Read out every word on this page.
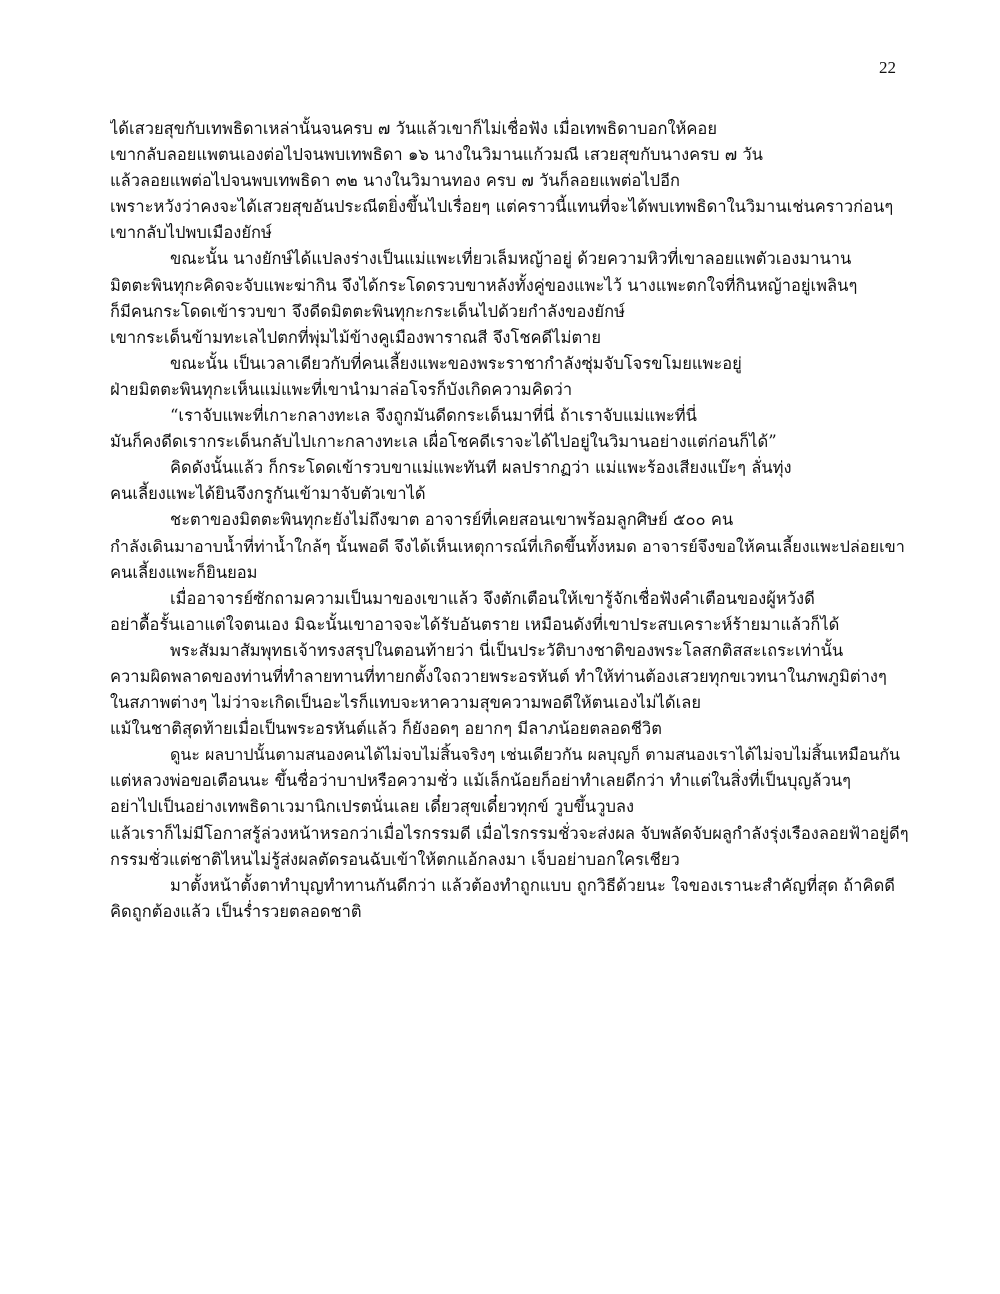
22
ได้เสวยสุขกับเทพธิดาเหล่านั้นจนครบ ๗ วันแล้วเขาก็ไม่เชื่อฟัง เมื่อเทพธิดาบอกให้คอย
เขากลับลอยแพตนเองต่อไปจนพบเทพธิดา ๑๖ นางในวิมานแก้วมณี เสวยสุขกับนางครบ ๗ วัน
แล้วลอยแพต่อไปจนพบเทพธิดา ๓๒ นางในวิมานทอง ครบ ๗ วันก็ลอยแพต่อไปอีก
เพราะหวังว่าคงจะได้เสวยสุขอันประณีตยิ่งขึ้นไปเรื่อยๆ แต่คราวนี้แทนที่จะได้พบเทพธิดาในวิมานเช่นคราวก่อนๆ
เขากลับไปพบเมืองยักษ์
ขณะนั้น นางยักษ์ได้แปลงร่างเป็นแม่แพะเที่ยวเล็มหญ้าอยู่ ด้วยความหิวที่เขาลอยแพตัวเองมานาน
มิตตะพินทุกะคิดจะจับแพะฆ่ากิน จึงได้กระโดดรวบขาหลังทั้งคู่ของแพะไว้ นางแพะตกใจที่กินหญ้าอยู่เพลินๆ
ก็มีคนกระโดดเข้ารวบขา จึงดีดมิตตะพินทุกะกระเด็นไปด้วยกำลังของยักษ์
เขากระเด็นข้ามทะเลไปตกที่พุ่มไม้ข้างคูเมืองพาราณสี จึงโชคดีไม่ตาย
ขณะนั้น เป็นเวลาเดียวกับที่คนเลี้ยงแพะของพระราชากำลังซุ่มจับโจรขโมยแพะอยู่
ฝ่ายมิตตะพินทุกะเห็นแม่แพะที่เขานำมาล่อโจรก็บังเกิดความคิดว่า
“เราจับแพะที่เกาะกลางทะเล จึงถูกมันดีดกระเด็นมาที่นี่ ถ้าเราจับแม่แพะที่นี่
มันก็คงดีดเรากระเด็นกลับไปเกาะกลางทะเล เผื่อโชคดีเราจะได้ไปอยู่ในวิมานอย่างแต่ก่อนก็ได้”
คิดดังนั้นแล้ว ก็กระโดดเข้ารวบขาแม่แพะทันที ผลปรากฏว่า แม่แพะร้องเสียงแบ๊ะๆ ลั่นทุ่ง
คนเลี้ยงแพะได้ยินจึงกรูกันเข้ามาจับตัวเขาได้
ชะตาของมิตตะพินทุกะยังไม่ถึงฆาต อาจารย์ที่เคยสอนเขาพร้อมลูกศิษย์ ๕๐๐ คน
กำลังเดินมาอาบน้ำที่ท่าน้ำใกล้ๆ นั้นพอดี จึงได้เห็นเหตุการณ์ที่เกิดขึ้นทั้งหมด อาจารย์จึงขอให้คนเลี้ยงแพะปล่อยเขา
คนเลี้ยงแพะก็ยินยอม
เมื่ออาจารย์ซักถามความเป็นมาของเขาแล้ว จึงตักเตือนให้เขารู้จักเชื่อฟังคำเตือนของผู้หวังดี
อย่าดื้อรั้นเอาแต่ใจตนเอง มิฉะนั้นเขาอาจจะได้รับอันตราย เหมือนดังที่เขาประสบเคราะห์ร้ายมาแล้วก็ได้
พระสัมมาสัมพุทธเจ้าทรงสรุปในตอนท้ายว่า นี่เป็นประวัติบางชาติของพระโลสกติสสะเถระเท่านั้น
ความผิดพลาดของท่านที่ทำลายทานที่ทายกตั้งใจถวายพระอรหันต์ ทำให้ท่านต้องเสวยทุกขเวทนาในภพภูมิต่างๆ
ในสภาพต่างๆ ไม่ว่าจะเกิดเป็นอะไรก็แทบจะหาความสุขความพอดีให้ตนเองไม่ได้เลย
แม้ในชาติสุดท้ายเมื่อเป็นพระอรหันต์แล้ว ก็ยังอดๆ อยากๆ มีลาภน้อยตลอดชีวิต
ดูนะ ผลบาปนั้นตามสนองคนได้ไม่จบไม่สิ้นจริงๆ เช่นเดียวกัน ผลบุญก็ ตามสนองเราได้ไม่จบไม่สิ้นเหมือนกัน
แต่หลวงพ่อขอเตือนนะ ขึ้นชื่อว่าบาปหรือความชั่ว แม้เล็กน้อยก็อย่าทำเลยดีกว่า ทำแต่ในสิ่งที่เป็นบุญล้วนๆ
อย่าไปเป็นอย่างเทพธิดาเวมานิกเปรตนั่นเลย เดี๋ยวสุขเดี๋ยวทุกข์ วูบขึ้นวูบลง
แล้วเราก็ไม่มีโอกาสรู้ล่วงหน้าหรอกว่าเมื่อไรกรรมดี เมื่อไรกรรมชั่วจะส่งผล จับพลัดจับผลูกำลังรุ่งเรืองลอยฟ้าอยู่ดีๆ
กรรมชั่วแต่ชาติไหนไม่รู้ส่งผลตัดรอนฉับเข้าให้ตกแอ้กลงมา เจ็บอย่าบอกใครเชียว
มาตั้งหน้าตั้งตาทำบุญทำทานกันดีกว่า แล้วต้องทำถูกแบบ ถูกวิธีด้วยนะ ใจของเรานะสำคัญที่สุด ถ้าคิดดี
คิดถูกต้องแล้ว เป็นร่ำรวยตลอดชาติ
